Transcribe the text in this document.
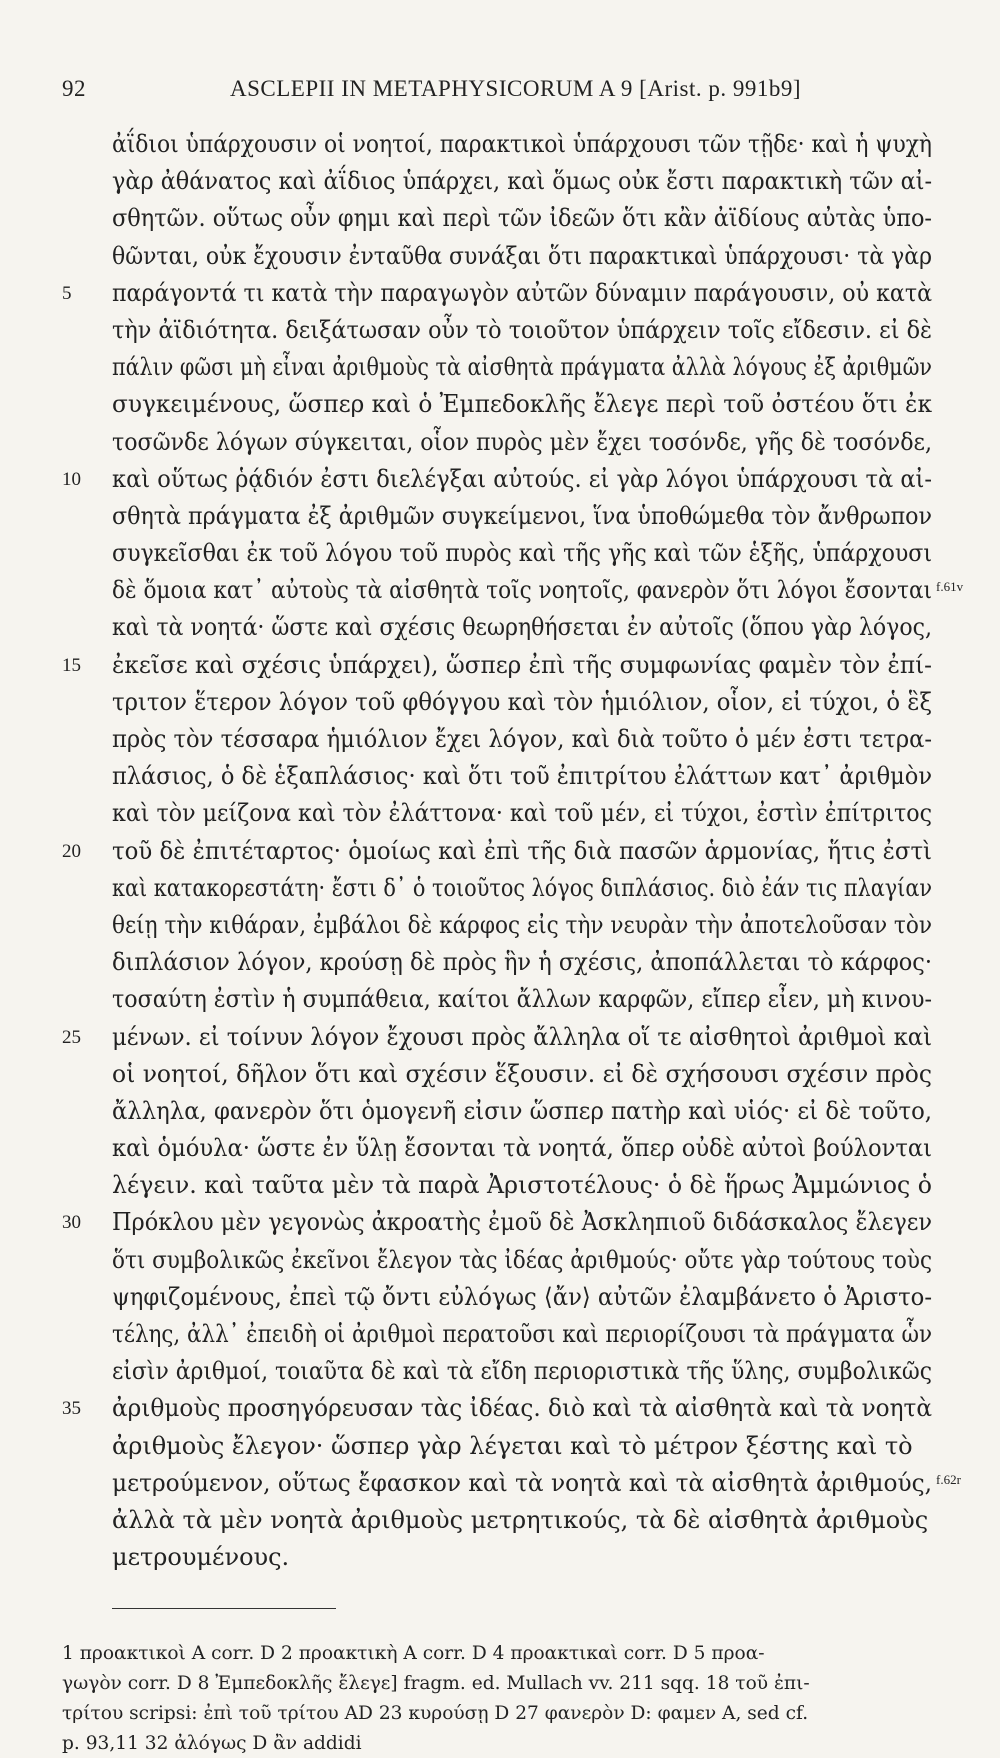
92	ASCLEPII IN METAPHYSICORUM A 9 [Arist. p. 991b9]
ἀΐδιοι ὑπάρχουσιν οἱ νοητοί, παρακτικοὶ ὑπάρχουσι τῶν τῇδε· καὶ ἡ ψυχὴ
γὰρ ἀθάνατος καὶ ἀΐδιος ὑπάρχει, καὶ ὅμως οὐκ ἔστι παρακτικὴ τῶν αἰ-
σθητῶν. οὕτως οὖν φημι καὶ περὶ τῶν ἰδεῶν ὅτι κἂν ἀϊδίους αὐτὰς ὑπο-
θῶνται, οὐκ ἔχουσιν ἐνταῦθα συνάξαι ὅτι παρακτικαὶ ὑπάρχουσι· τὰ γὰρ
5	παράγοντά τι κατὰ τὴν παραγωγὸν αὐτῶν δύναμιν παράγουσιν, οὐ κατὰ
τὴν ἀϊδιότητα. δειξάτωσαν οὖν τὸ τοιοῦτον ὑπάρχειν τοῖς εἴδεσιν. εἰ δὲ
πάλιν φῶσι μὴ εἶναι ἀριθμοὺς τὰ αἰσθητὰ πράγματα ἀλλὰ λόγους ἐξ ἀριθμῶν
συγκειμένους, ὥσπερ καὶ ὁ Ἐμπεδοκλῆς ἔλεγε περὶ τοῦ ὀστέου ὅτι ἐκ
τοσῶνδε λόγων σύγκειται, οἷον πυρὸς μὲν ἔχει τοσόνδε, γῆς δὲ τοσόνδε,
10	καὶ οὕτως ῥᾴδιόν ἐστι διελέγξαι αὐτούς. εἰ γὰρ λόγοι ὑπάρχουσι τὰ αἰ-
σθητὰ πράγματα ἐξ ἀριθμῶν συγκείμενοι, ἵνα ὑποθώμεθα τὸν ἄνθρωπον
συγκεῖσθαι ἐκ τοῦ λόγου τοῦ πυρὸς καὶ τῆς γῆς καὶ τῶν ἑξῆς, ὑπάρχουσι
δὲ ὅμοια κατ᾽ αὐτοὺς τὰ αἰσθητὰ τοῖς νοητοῖς, φανερὸν ὅτι λόγοι ἔσονται f.61v
καὶ τὰ νοητά· ὥστε καὶ σχέσις θεωρηθήσεται ἐν αὐτοῖς (ὅπου γὰρ λόγος,
15	ἐκεῖσε καὶ σχέσις ὑπάρχει), ὥσπερ ἐπὶ τῆς συμφωνίας φαμὲν τὸν ἐπί-
τριτον ἕτερον λόγον τοῦ φθόγγου καὶ τὸν ἡμιόλιον, οἷον, εἰ τύχοι, ὁ ἓξ
πρὸς τὸν τέσσαρα ἡμιόλιον ἔχει λόγον, καὶ διὰ τοῦτο ὁ μέν ἐστι τετρα-
πλάσιος, ὁ δὲ ἑξαπλάσιος· καὶ ὅτι τοῦ ἐπιτρίτου ἐλάττων κατ᾽ ἀριθμὸν
καὶ τὸν μείζονα καὶ τὸν ἐλάττονα· καὶ τοῦ μέν, εἰ τύχοι, ἐστὶν ἐπίτριτος
20	τοῦ δὲ ἐπιτέταρτος· ὁμοίως καὶ ἐπὶ τῆς διὰ πασῶν ἁρμονίας, ἥτις ἐστὶ
καὶ κατακορεστάτη· ἔστι δ᾽ ὁ τοιοῦτος λόγος διπλάσιος. διὸ ἐάν τις πλαγίαν
θείῃ τὴν κιθάραν, ἐμβάλοι δὲ κάρφος εἰς τὴν νευρὰν τὴν ἀποτελοῦσαν τὸν
διπλάσιον λόγον, κρούσῃ δὲ πρὸς ἣν ἡ σχέσις, ἀποπάλλεται τὸ κάρφος·
τοσαύτη ἐστὶν ἡ συμπάθεια, καίτοι ἄλλων καρφῶν, εἴπερ εἶεν, μὴ κινου-
25	μένων. εἰ τοίνυν λόγον ἔχουσι πρὸς ἄλληλα οἵ τε αἰσθητοὶ ἀριθμοὶ καὶ
οἱ νοητοί, δῆλον ὅτι καὶ σχέσιν ἕξουσιν. εἰ δὲ σχήσουσι σχέσιν πρὸς
ἄλληλα, φανερὸν ὅτι ὁμογενῆ εἰσιν ὥσπερ πατὴρ καὶ υἱός· εἰ δὲ τοῦτο,
καὶ ὁμόυλα· ὥστε ἐν ὕλῃ ἔσονται τὰ νοητά, ὅπερ οὐδὲ αὐτοὶ βούλονται
λέγειν. καὶ ταῦτα μὲν τὰ παρὰ Ἀριστοτέλους· ὁ δὲ ἥρως Ἀμμώνιος ὁ
30	Πρόκλου μὲν γεγονὼς ἀκροατὴς ἐμοῦ δὲ Ἀσκληπιοῦ διδάσκαλος ἔλεγεν
ὅτι συμβολικῶς ἐκεῖνοι ἔλεγον τὰς ἰδέας ἀριθμούς· οὔτε γὰρ τούτους τοὺς
ψηφιζομένους, ἐπεὶ τῷ ὄντι εὐλόγως ⟨ἄν⟩ αὐτῶν ἐλαμβάνετο ὁ Ἀριστο-
τέλης, ἀλλ᾽ ἐπειδὴ οἱ ἀριθμοὶ περατοῦσι καὶ περιορίζουσι τὰ πράγματα ὧν
εἰσὶν ἀριθμοί, τοιαῦτα δὲ καὶ τὰ εἴδη περιοριστικὰ τῆς ὕλης, συμβολικῶς
35	ἀριθμοὺς προσηγόρευσαν τὰς ἰδέας. διὸ καὶ τὰ αἰσθητὰ καὶ τὰ νοητὰ
ἀριθμοὺς ἔλεγον· ὥσπερ γὰρ λέγεται καὶ τὸ μέτρον ξέστης καὶ τὸ
μετρούμενον, οὕτως ἔφασκον καὶ τὰ νοητὰ καὶ τὰ αἰσθητὰ ἀριθμούς, f.62r
ἀλλὰ τὰ μὲν νοητὰ ἀριθμοὺς μετρητικούς, τὰ δὲ αἰσθητὰ ἀριθμοὺς
μετρουμένους.
1 προακτικοὶ A corr. D 2 προακτικὴ A corr. D 4 προακτικαὶ corr. D 5 προα-
γωγὸν corr. D 8 Ἐμπεδοκλῆς ἔλεγε] fragm. ed. Mullach vv. 211 sqq. 18 τοῦ ἐπι-
τρίτου scripsi: ἐπὶ τοῦ τρίτου AD 23 κυρούσῃ D 27 φανερὸν D: φαμεν A, sed cf.
p. 93,11 32 ἀλόγως D ἂν addidi
